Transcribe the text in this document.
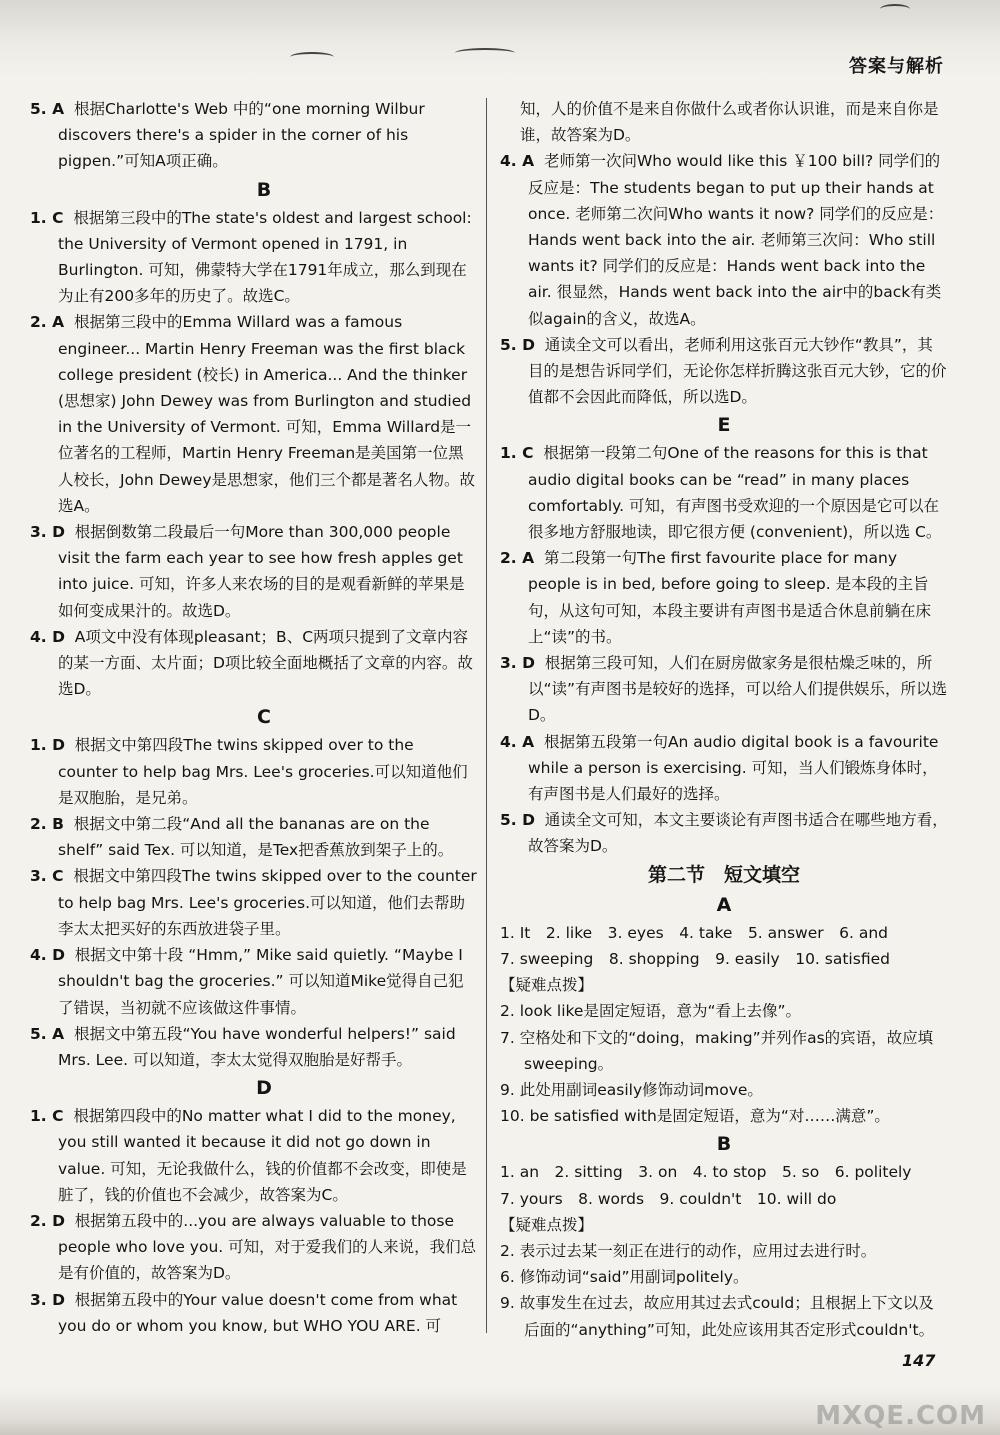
答案与解析
5. A 根据Charlotte's Web 中的“one morning Wilbur discovers there's a spider in the corner of his pigpen.”可知A项正确。
B
1. C 根据第三段中的The state's oldest and largest school: the University of Vermont opened in 1791, in Burlington. 可知，佛蒙特大学在1791年成立，那么到现在为止有200多年的历史了。故选C。
2. A 根据第三段中的Emma Willard was a famous engineer... Martin Henry Freeman was the first black college president (校长) in America... And the thinker (思想家) John Dewey was from Burlington and studied in the University of Vermont. 可知，Emma Willard是一位著名的工程师，Martin Henry Freeman是美国第一位黑人校长，John Dewey是思想家，他们三个都是著名人物。故选A。
3. D 根据倒数第二段最后一句More than 300,000 people visit the farm each year to see how fresh apples get into juice. 可知，许多人来农场的目的是观看新鲜的苹果是如何变成果汁的。故选D。
4. D A项文中没有体现pleasant；B、C两项只提到了文章内容的某一方面、太片面；D项比较全面地概括了文章的内容。故选D。
C
1. D 根据文中第四段The twins skipped over to the counter to help bag Mrs. Lee's groceries.可以知道他们是双胞胎，是兄弟。
2. B 根据文中第二段“And all the bananas are on the shelf” said Tex. 可以知道，是Tex把香蕉放到架子上的。
3. C 根据文中第四段The twins skipped over to the counter to help bag Mrs. Lee's groceries.可以知道，他们去帮助李太太把买好的东西放进袋子里。
4. D 根据文中第十段 “Hmm,” Mike said quietly. “Maybe I shouldn't bag the groceries.” 可以知道Mike觉得自己犯了错误，当初就不应该做这件事情。
5. A 根据文中第五段“You have wonderful helpers!” said Mrs. Lee. 可以知道，李太太觉得双胞胎是好帮手。
D
1. C 根据第四段中的No matter what I did to the money, you still wanted it because it did not go down in value. 可知，无论我做什么，钱的价值都不会改变，即使是脏了，钱的价值也不会减少，故答案为C。
2. D 根据第五段中的...you are always valuable to those people who love you. 可知，对于爱我们的人来说，我们总是有价值的，故答案为D。
3. D 根据第五段中的Your value doesn't come from what you do or whom you know, but WHO YOU ARE. 可
知，人的价值不是来自你做什么或者你认识谁，而是来自你是谁，故答案为D。
4. A 老师第一次问Who would like this ￥100 bill? 同学们的反应是：The students began to put up their hands at once. 老师第二次问Who wants it now? 同学们的反应是：Hands went back into the air. 老师第三次问：Who still wants it? 同学们的反应是：Hands went back into the air. 很显然，Hands went back into the air中的back有类似again的含义，故选A。
5. D 通读全文可以看出，老师利用这张百元大钞作“教具”，其目的是想告诉同学们，无论你怎样折腾这张百元大钞，它的价值都不会因此而降低，所以选D。
E
1. C 根据第一段第二句One of the reasons for this is that audio digital books can be “read” in many places comfortably. 可知，有声图书受欢迎的一个原因是它可以在很多地方舒服地读，即它很方便 (convenient)，所以选 C。
2. A 第二段第一句The first favourite place for many people is in bed, before going to sleep. 是本段的主旨句，从这句可知，本段主要讲有声图书是适合休息前躺在床上“读”的书。
3. D 根据第三段可知，人们在厨房做家务是很枯燥乏味的，所以“读”有声图书是较好的选择，可以给人们提供娱乐，所以选 D。
4. A 根据第五段第一句An audio digital book is a favourite while a person is exercising. 可知，当人们锻炼身体时，有声图书是人们最好的选择。
5. D 通读全文可知，本文主要谈论有声图书适合在哪些地方看，故答案为D。
第二节　短文填空
A
1. It　2. like　3. eyes　4. take　5. answer　6. and
7. sweeping　8. shopping　9. easily　10. satisfied
【疑难点拨】
2. look like是固定短语，意为“看上去像”。
7. 空格处和下文的“doing，making”并列作as的宾语，故应填sweeping。
9. 此处用副词easily修饰动词move。
10. be satisfied with是固定短语，意为“对……满意”。
B
1. an　2. sitting　3. on　4. to stop　5. so　6. politely
7. yours　8. words　9. couldn't　10. will do
【疑难点拨】
2. 表示过去某一刻正在进行的动作，应用过去进行时。
6. 修饰动词“said”用副词politely。
9. 故事发生在过去，故应用其过去式could；且根据上下文以及后面的“anything”可知，此处应该用其否定形式couldn't。
147
MXQE.COM
